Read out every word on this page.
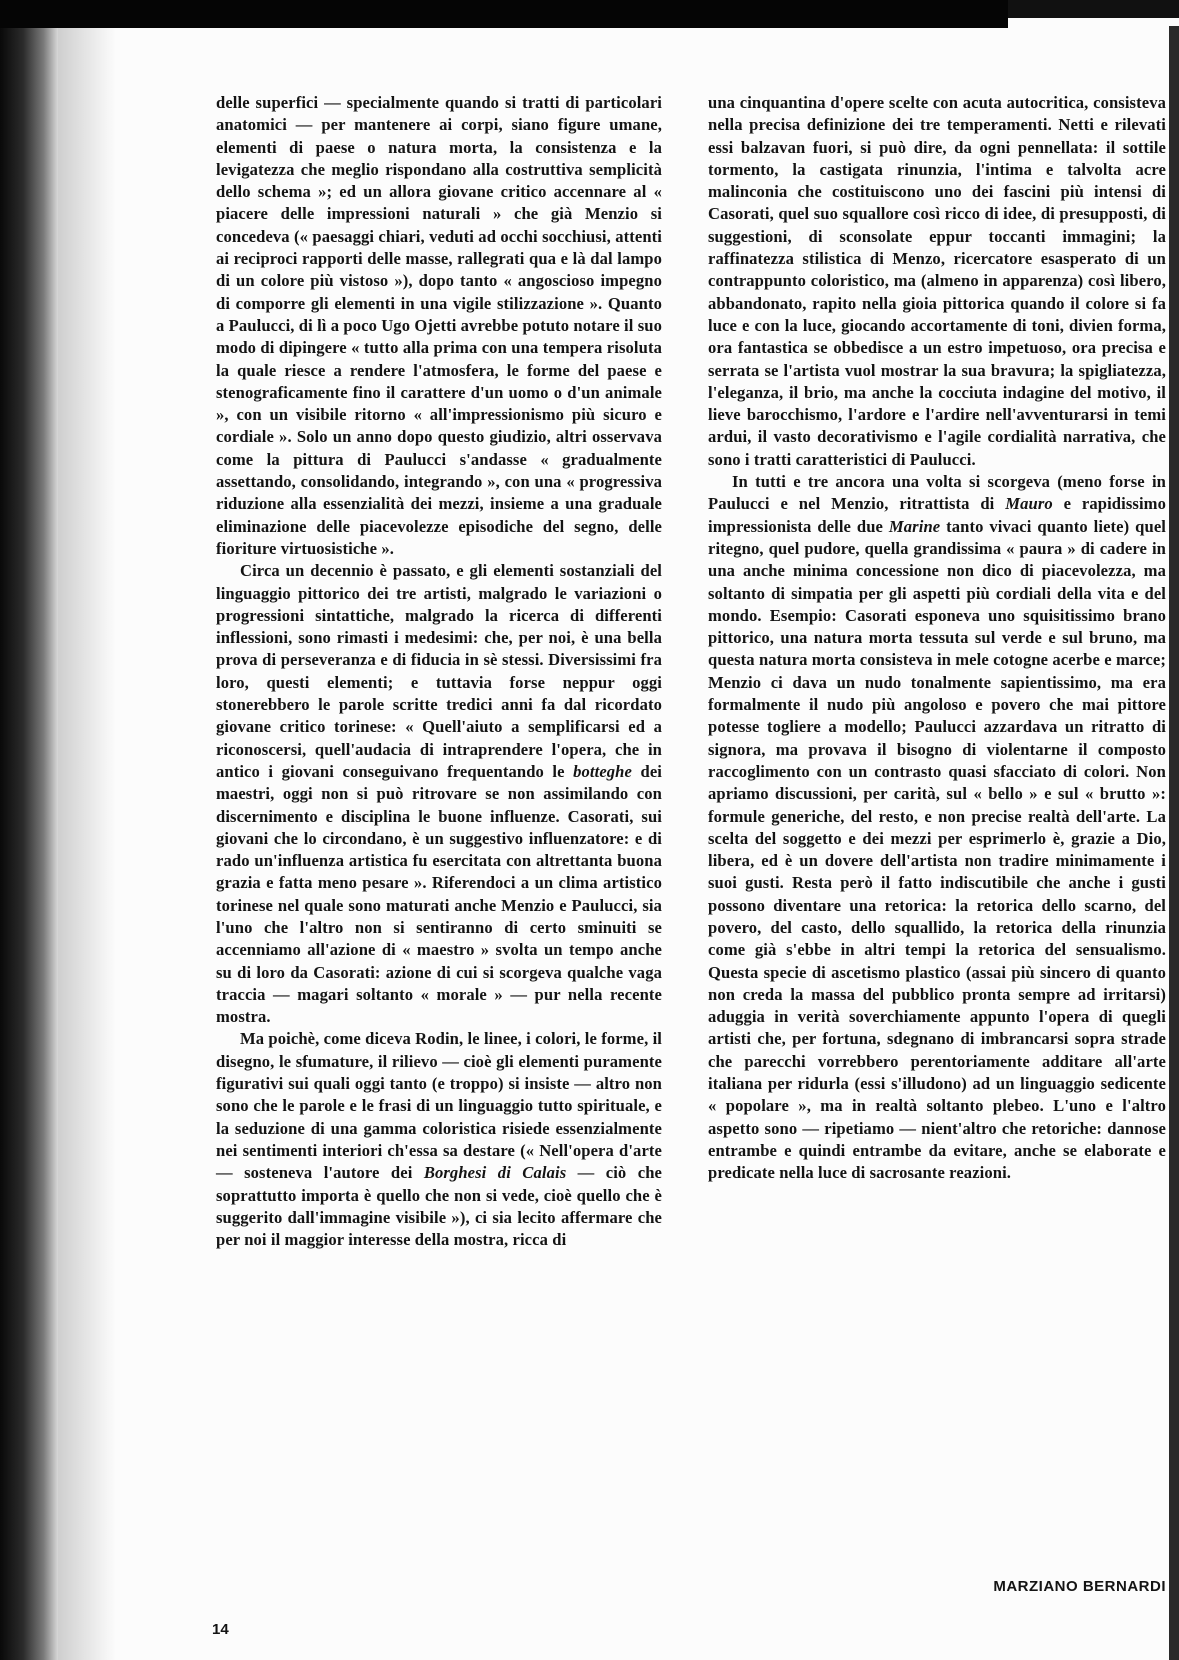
delle superfici — specialmente quando si tratti di particolari anatomici — per mantenere ai corpi, siano figure umane, elementi di paese o natura morta, la consistenza e la levigatezza che meglio rispondano alla costruttiva semplicità dello schema »; ed un allora giovane critico accennare al « piacere delle impressioni naturali » che già Menzio si concedeva (« paesaggi chiari, veduti ad occhi socchiusi, attenti ai reciproci rapporti delle masse, rallegrati qua e là dal lampo di un colore più vistoso »), dopo tanto « angoscioso impegno di comporre gli elementi in una vigile stilizzazione ». Quanto a Paulucci, di lì a poco Ugo Ojetti avrebbe potuto notare il suo modo di dipingere « tutto alla prima con una tempera risoluta la quale riesce a rendere l'atmosfera, le forme del paese e stenograficamente fino il carattere d'un uomo o d'un animale », con un visibile ritorno « all'impressionismo più sicuro e cordiale ». Solo un anno dopo questo giudizio, altri osservava come la pittura di Paulucci s'andasse « gradualmente assettando, consolidando, integrando », con una « progressiva riduzione alla essenzialità dei mezzi, insieme a una graduale eliminazione delle piacevolezze episodiche del segno, delle fioriture virtuosistiche ».

Circa un decennio è passato, e gli elementi sostanziali del linguaggio pittorico dei tre artisti, malgrado le variazioni o progressioni sintattiche, malgrado la ricerca di differenti inflessioni, sono rimasti i medesimi: che, per noi, è una bella prova di perseveranza e di fiducia in sè stessi. Diversissimi fra loro, questi elementi; e tuttavia forse neppur oggi stonerebbero le parole scritte tredici anni fa dal ricordato giovane critico torinese: « Quell'aiuto a semplificarsi ed a riconoscersi, quell'audacia di intraprendere l'opera, che in antico i giovani conseguivano frequentando le botteghe dei maestri, oggi non si può ritrovare se non assimilando con discernimento e disciplina le buone influenze. Casorati, sui giovani che lo circondano, è un suggestivo influenzatore: e di rado un'influenza artistica fu esercitata con altrettanta buona grazia e fatta meno pesare ». Riferendoci a un clima artistico torinese nel quale sono maturati anche Menzio e Paulucci, sia l'uno che l'altro non si sentiranno di certo sminuiti se accenniamo all'azione di « maestro » svolta un tempo anche su di loro da Casorati: azione di cui si scorgeva qualche vaga traccia — magari soltanto « morale » — pur nella recente mostra.

Ma poichè, come diceva Rodin, le linee, i colori, le forme, il disegno, le sfumature, il rilievo — cioè gli elementi puramente figurativi sui quali oggi tanto (e troppo) si insiste — altro non sono che le parole e le frasi di un linguaggio tutto spirituale, e la seduzione di una gamma coloristica risiede essenzialmente nei sentimenti interiori ch'essa sa destare (« Nell'opera d'arte — sosteneva l'autore dei Borghesi di Calais — ciò che soprattutto importa è quello che non si vede, cioè quello che è suggerito dall'immagine visibile »), ci sia lecito affermare che per noi il maggior interesse della mostra, ricca di

una cinquantina d'opere scelte con acuta autocritica, consisteva nella precisa definizione dei tre temperamenti. Netti e rilevati essi balzavan fuori, si può dire, da ogni pennellata: il sottile tormento, la castigata rinunzia, l'intima e talvolta acre malinconia che costituiscono uno dei fascini più intensi di Casorati, quel suo squallore così ricco di idee, di presupposti, di suggestioni, di sconsolate eppur toccanti immagini; la raffinatezza stilistica di Menzo, ricercatore esasperato di un contrappunto coloristico, ma (almeno in apparenza) così libero, abbandonato, rapito nella gioia pittorica quando il colore si fa luce e con la luce, giocando accortamente di toni, divien forma, ora fantastica se obbedisce a un estro impetuoso, ora precisa e serrata se l'artista vuol mostrar la sua bravura; la spigliatezza, l'eleganza, il brio, ma anche la cocciuta indagine del motivo, il lieve barocchismo, l'ardore e l'ardire nell'avventurarsi in temi ardui, il vasto decorativismo e l'agile cordialità narrativa, che sono i tratti caratteristici di Paulucci.

In tutti e tre ancora una volta si scorgeva (meno forse in Paulucci e nel Menzio, ritrattista di Mauro e rapidissimo impressionista delle due Marine tanto vivaci quanto liete) quel ritegno, quel pudore, quella grandissima « paura » di cadere in una anche minima concessione non dico di piacevolezza, ma soltanto di simpatia per gli aspetti più cordiali della vita e del mondo. Esempio: Casorati esponeva uno squisitissimo brano pittorico, una natura morta tessuta sul verde e sul bruno, ma questa natura morta consisteva in mele cotogne acerbe e marce; Menzio ci dava un nudo tonalmente sapientissimo, ma era formalmente il nudo più angoloso e povero che mai pittore potesse togliere a modello; Paulucci azzardava un ritratto di signora, ma provava il bisogno di violentarne il composto raccoglimento con un contrasto quasi sfacciato di colori. Non apriamo discussioni, per carità, sul « bello » e sul « brutto »: formule generiche, del resto, e non precise realtà dell'arte. La scelta del soggetto e dei mezzi per esprimerlo è, grazie a Dio, libera, ed è un dovere dell'artista non tradire minimamente i suoi gusti. Resta però il fatto indiscutibile che anche i gusti possono diventare una retorica: la retorica dello scarno, del povero, del casto, dello squallido, la retorica della rinunzia come già s'ebbe in altri tempi la retorica del sensualismo. Questa specie di ascetismo plastico (assai più sincero di quanto non creda la massa del pubblico pronta sempre ad irritarsi) aduggia in verità soverchiamente appunto l'opera di quegli artisti che, per fortuna, sdegnano di imbrancarsi sopra strade che parecchi vorrebbero perentoriamente additare all'arte italiana per ridurla (essi s'illudono) ad un linguaggio sedicente « popolare », ma in realtà soltanto plebeo. L'uno e l'altro aspetto sono — ripetiamo — nient'altro che retoriche: dannose entrambe e quindi entrambe da evitare, anche se elaborate e predicate nella luce di sacrosante reazioni.

MARZIANO BERNARDI
14
